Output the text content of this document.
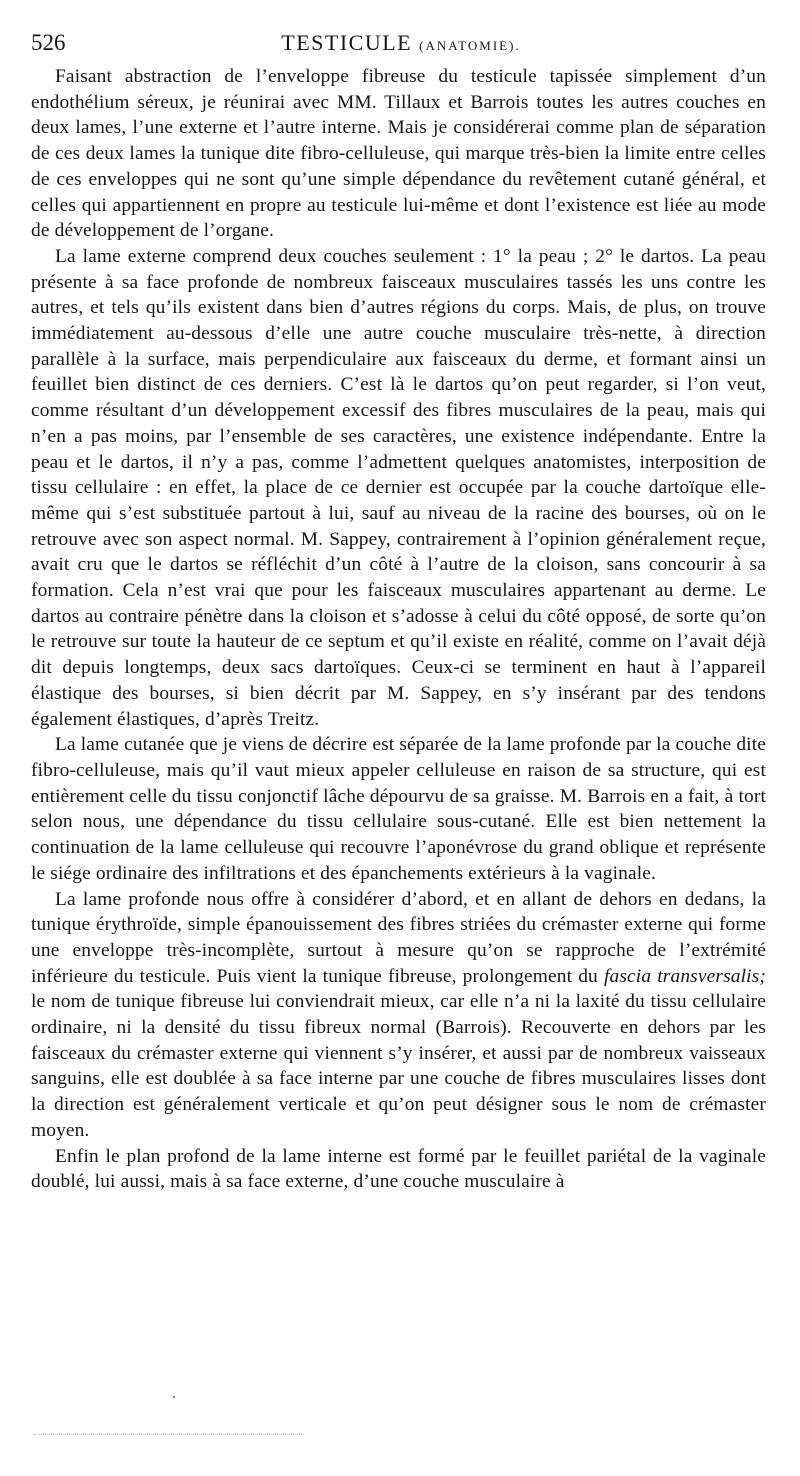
526	TESTICULE (ANATOMIE).

Faisant abstraction de l’enveloppe fibreuse du testicule tapissée simplement d’un endothélium séreux, je réunirai avec MM. Tillaux et Barrois toutes les autres couches en deux lames, l’une externe et l’autre interne. Mais je considérerai comme plan de séparation de ces deux lames la tunique dite fibro-celluleuse, qui marque très-bien la limite entre celles de ces enveloppes qui ne sont qu’une simple dépendance du revêtement cutané général, et celles qui appartiennent en propre au testicule lui-même et dont l’existence est liée au mode de développement de l’organe.

La lame externe comprend deux couches seulement : 1° la peau ; 2° le dartos. La peau présente à sa face profonde de nombreux faisceaux musculaires tassés les uns contre les autres, et tels qu’ils existent dans bien d’autres régions du corps. Mais, de plus, on trouve immédiatement au-dessous d’elle une autre couche musculaire très-nette, à direction parallèle à la surface, mais perpendiculaire aux faisceaux du derme, et formant ainsi un feuillet bien distinct de ces derniers. C’est là le dartos qu’on peut regarder, si l’on veut, comme résultant d’un développement excessif des fibres musculaires de la peau, mais qui n’en a pas moins, par l’ensemble de ses caractères, une existence indépendante. Entre la peau et le dartos, il n’y a pas, comme l’admettent quelques anatomistes, interposition de tissu cellulaire : en effet, la place de ce dernier est occupée par la couche dartoïque elle-même qui s’est substituée partout à lui, sauf au niveau de la racine des bourses, où on le retrouve avec son aspect normal. M. Sappey, contrairement à l’opinion généralement reçue, avait cru que le dartos se réfléchit d’un côté à l’autre de la cloison, sans concourir à sa formation. Cela n’est vrai que pour les faisceaux musculaires appartenant au derme. Le dartos au contraire pénètre dans la cloison et s’adosse à celui du côté opposé, de sorte qu’on le retrouve sur toute la hauteur de ce septum et qu’il existe en réalité, comme on l’avait déjà dit depuis longtemps, deux sacs dartoïques. Ceux-ci se terminent en haut à l’appareil élastique des bourses, si bien décrit par M. Sappey, en s’y insérant par des tendons également élastiques, d’après Treitz.

La lame cutanée que je viens de décrire est séparée de la lame profonde par la couche dite fibro-celluleuse, mais qu’il vaut mieux appeler celluleuse en raison de sa structure, qui est entièrement celle du tissu conjonctif lâche dépourvu de sa graisse. M. Barrois en a fait, à tort selon nous, une dépendance du tissu cellulaire sous-cutané. Elle est bien nettement la continuation de la lame celluleuse qui recouvre l’aponévrose du grand oblique et représente le siége ordinaire des infiltrations et des épanchements extérieurs à la vaginale.

La lame profonde nous offre à considérer d’abord, et en allant de dehors en dedans, la tunique érythroïde, simple épanouissement des fibres striées du crémaster externe qui forme une enveloppe très-incomplète, surtout à mesure qu’on se rapproche de l’extrémité inférieure du testicule. Puis vient la tunique fibreuse, prolongement du fascia transversalis; le nom de tunique fibreuse lui conviendrait mieux, car elle n’a ni la laxité du tissu cellulaire ordinaire, ni la densité du tissu fibreux normal (Barrois). Recouverte en dehors par les faisceaux du crémaster externe qui viennent s’y insérer, et aussi par de nombreux vaisseaux sanguins, elle est doublée à sa face interne par une couche de fibres musculaires lisses dont la direction est généralement verticale et qu’on peut désigner sous le nom de crémaster moyen.

Enfin le plan profond de la lame interne est formé par le feuillet pariétal de la vaginale doublé, lui aussi, mais à sa face externe, d’une couche musculaire à
